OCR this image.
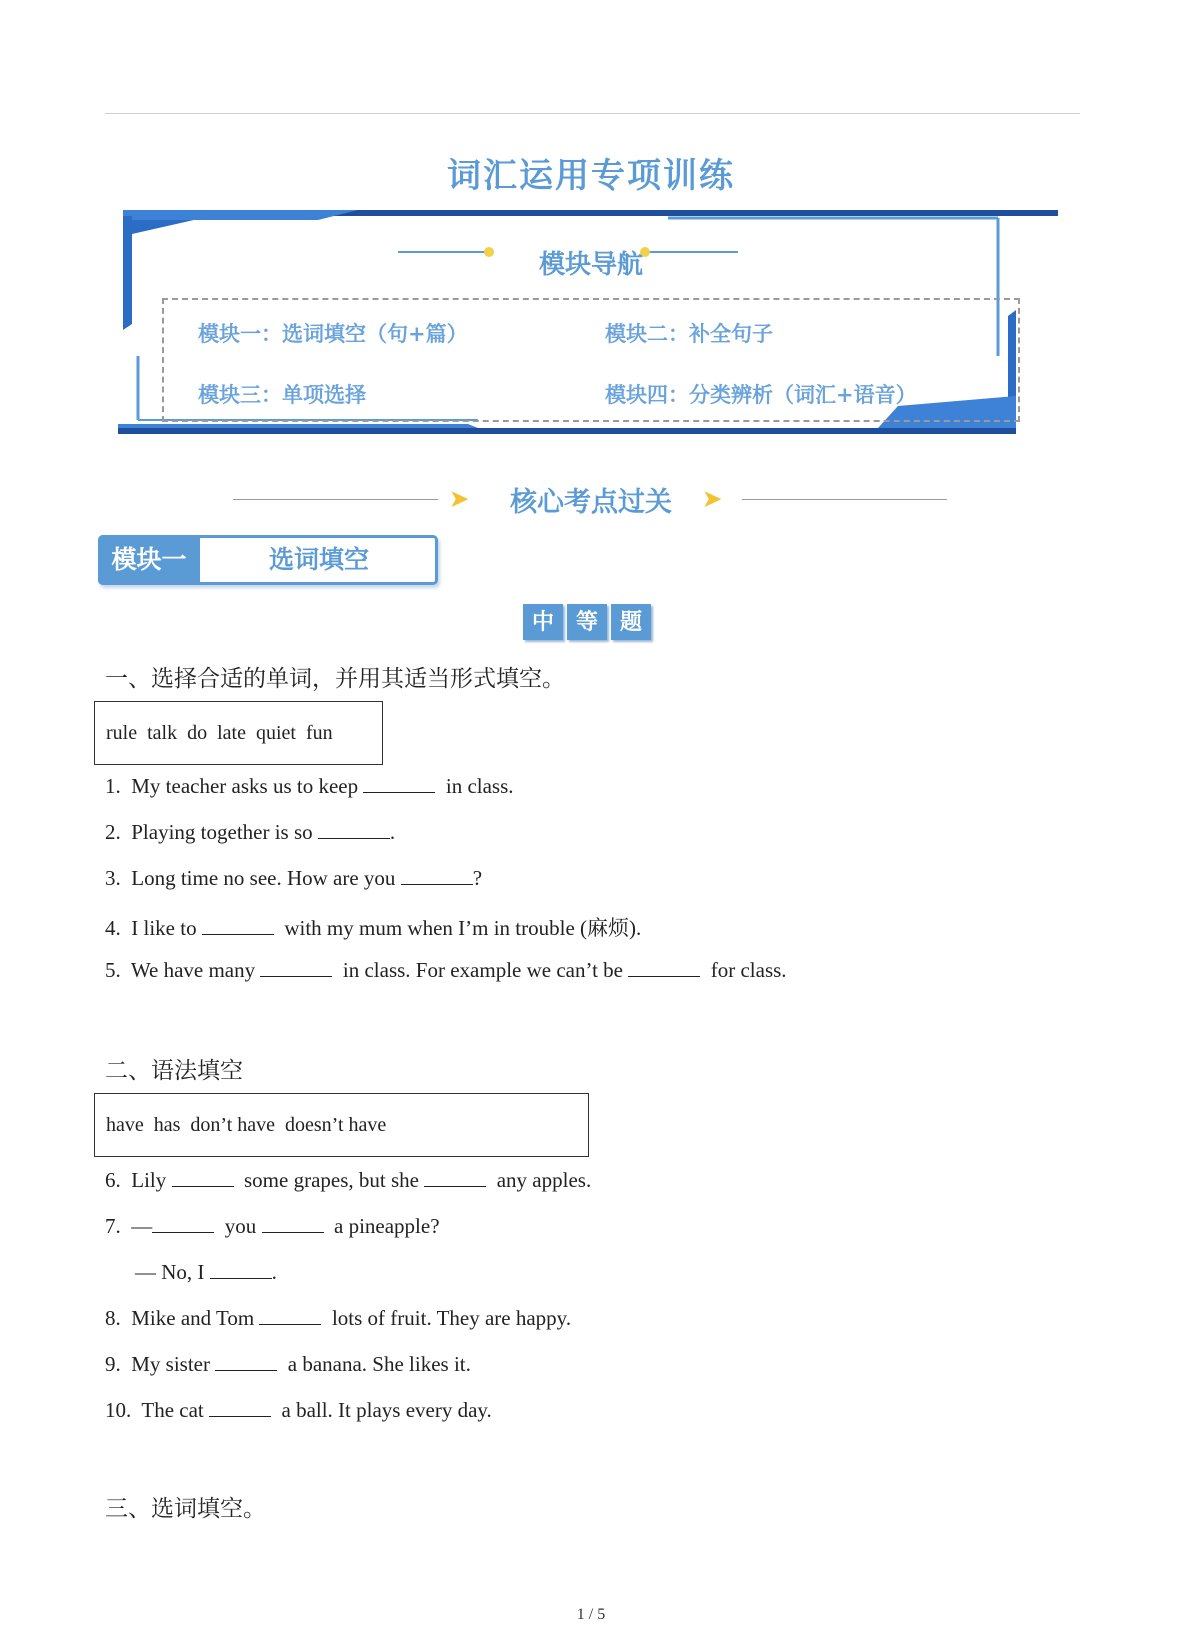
词汇运用专项训练
模块导航
模块一：选词填空（句+篇）	模块二：补全句子
模块三：单项选择	模块四：分类辨析（词汇+语音）
➤	➤
核心考点过关
模块一	选词填空
中 等 题
一、选择合适的单词，并用其适当形式填空。
rule  talk  do  late  quiet  fun
1. My teacher asks us to keep	in class.
2. Playing together is so	.
3. Long time no see. How are you	?
4. I like to	with my mum when I’m in trouble (麻烦).
5. We have many	in class. For example we can’t be	for class.
二、语法填空
have  has  don’t have  doesn’t have
6. Lily	some grapes, but she	any apples.
7. —	you	a pineapple?
— No, I	.
8. Mike and Tom	lots of fruit. They are happy.
9. My sister	a banana. She likes it.
10. The cat	a ball. It plays every day.
三、选词填空。
1 / 5
